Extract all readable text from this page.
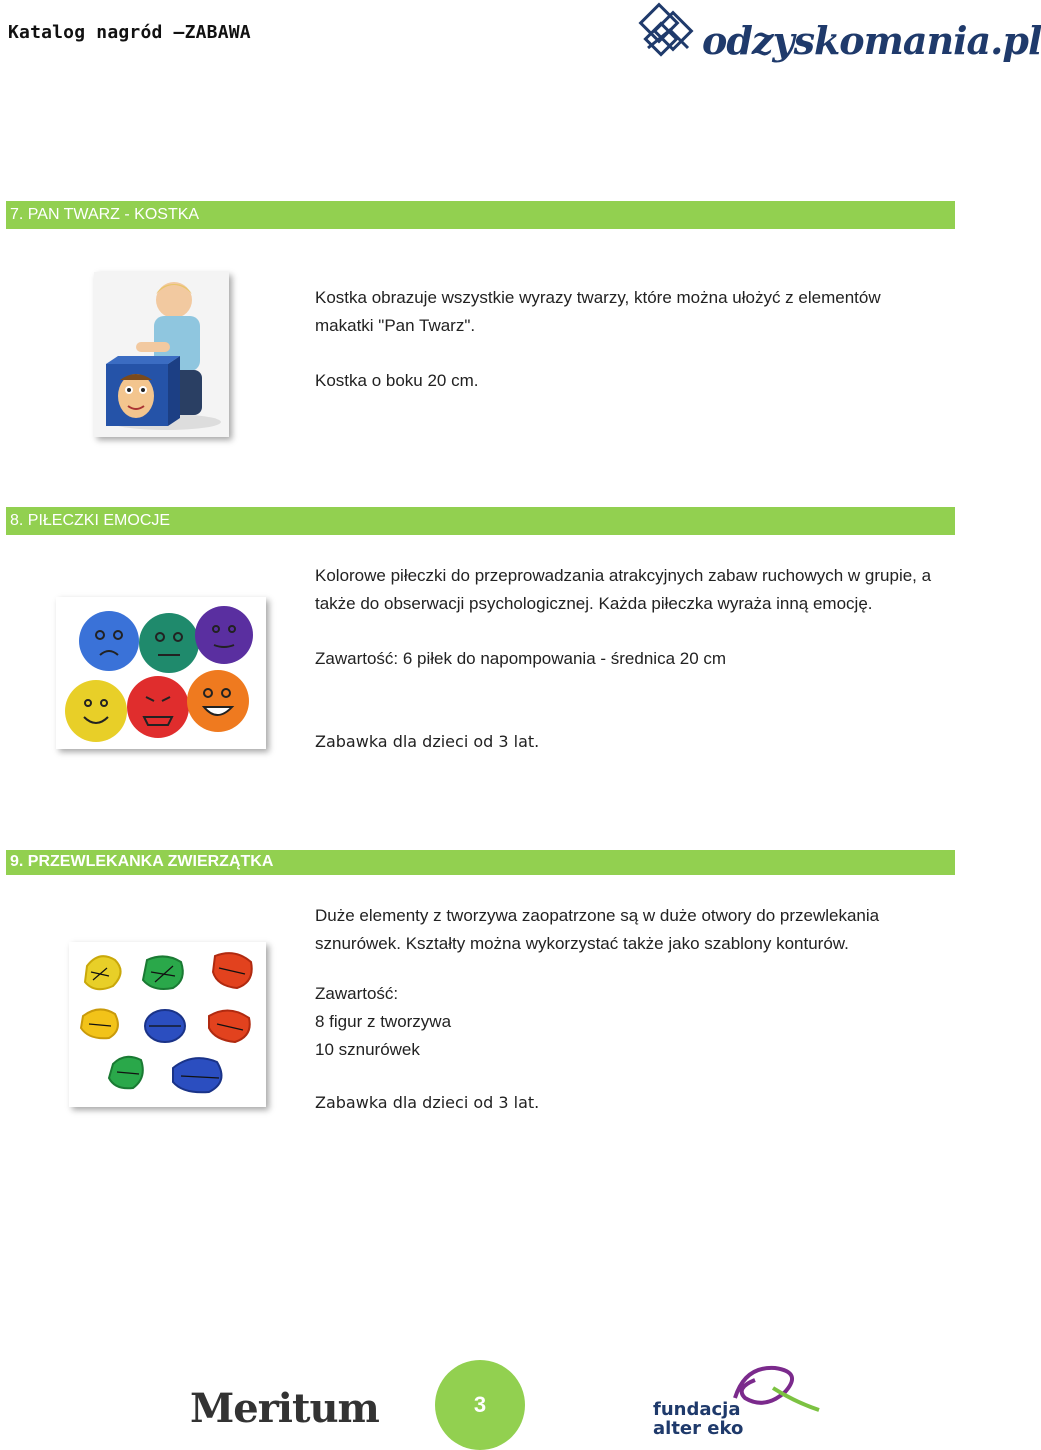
Katalog nagród –ZABAWA	odzyskomania.pl
7. PAN TWARZ - KOSTKA

Kostka obrazuje wszystkie wyrazy twarzy, które można ułożyć z elementów makatki "Pan Twarz".

Kostka o boku 20 cm.

8. PIŁECZKI EMOCJE

Kolorowe piłeczki do przeprowadzania atrakcyjnych zabaw ruchowych w grupie, a także do obserwacji psychologicznej. Każda piłeczka wyraża inną emocję.

Zawartość: 6 piłek do napompowania - średnica 20 cm

Zabawka dla dzieci od 3 lat.

9. PRZEWLEKANKA ZWIERZĄTKA

Duże elementy z tworzywa zaopatrzone są w duże otwory do przewlekania sznurówek. Kształty można wykorzystać także jako szablony konturów.

Zawartość:

8 figur z tworzywa

10 sznurówek

Zabawka dla dzieci od 3 lat.

Meritum	3	fundacja
alter eko
